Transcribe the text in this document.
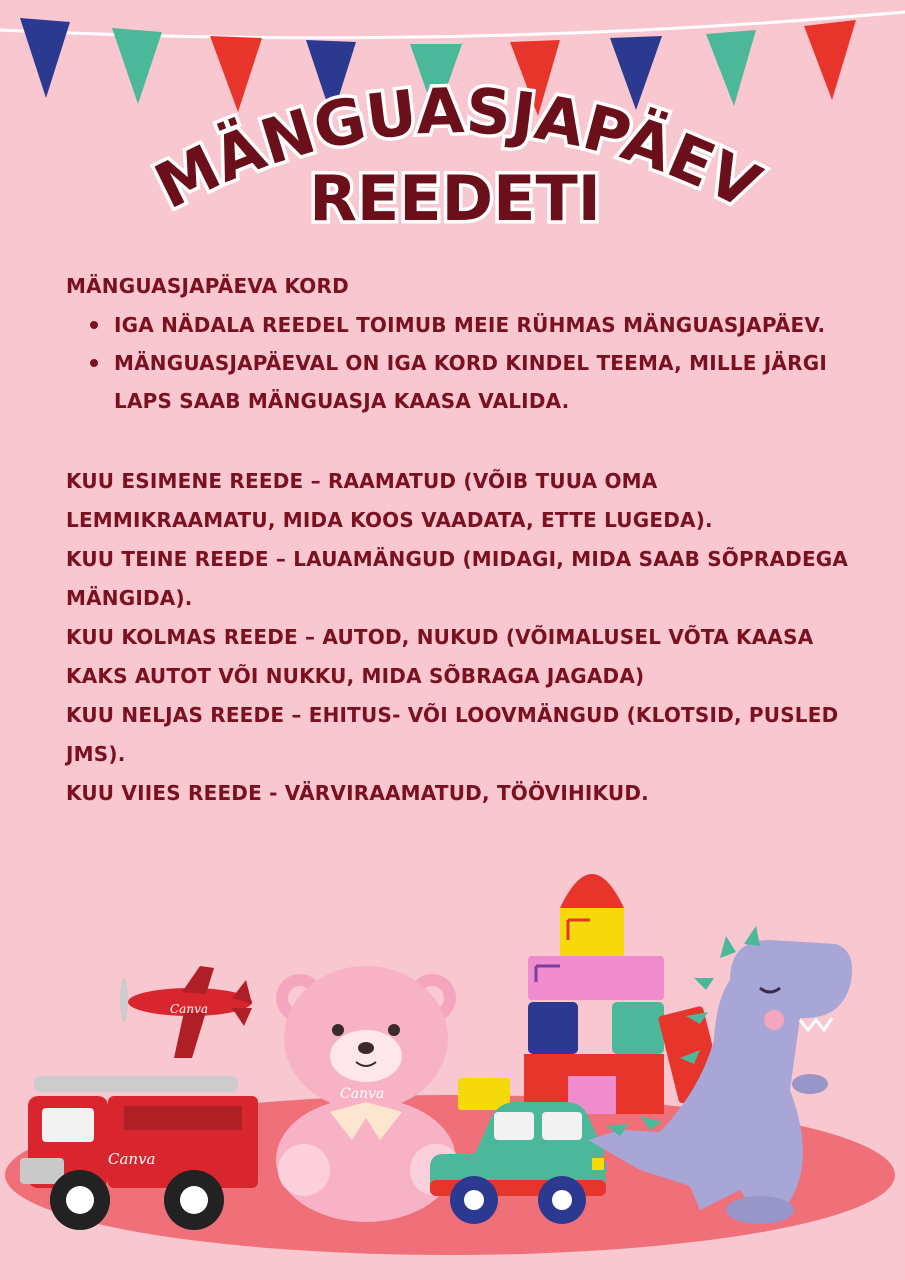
MÄNGUASJAPÄEV
REEDETI

MÄNGUASJAPÄEVA KORD

IGA NÄDALA REEDEL TOIMUB MEIE RÜHMAS MÄNGUASJAPÄEV.
MÄNGUASJAPÄEVAL ON IGA KORD KINDEL TEEMA, MILLE JÄRGI LAPS SAAB MÄNGUASJA KAASA VALIDA.

KUU ESIMENE REEDE – RAAMATUD (VÕIB TUUA OMA LEMMIKRAAMATU, MIDA KOOS VAADATA, ETTE LUGEDA).

KUU TEINE REEDE – LAUAMÄNGUD (MIDAGI, MIDA SAAB SÕPRADEGA MÄNGIDA).

KUU KOLMAS REEDE – AUTOD, NUKUD (VÕIMALUSEL VÕTA KAASA KAKS AUTOT VÕI NUKKU, MIDA SÕBRAGA JAGADA)

KUU NELJAS REEDE – EHITUS- VÕI LOOVMÄNGUD (KLOTSID, PUSLED JMS).

KUU VIIES REEDE - VÄRVIRAAMATUD, TÖÖVIHIKUD.

Canva
Canva
Canva
